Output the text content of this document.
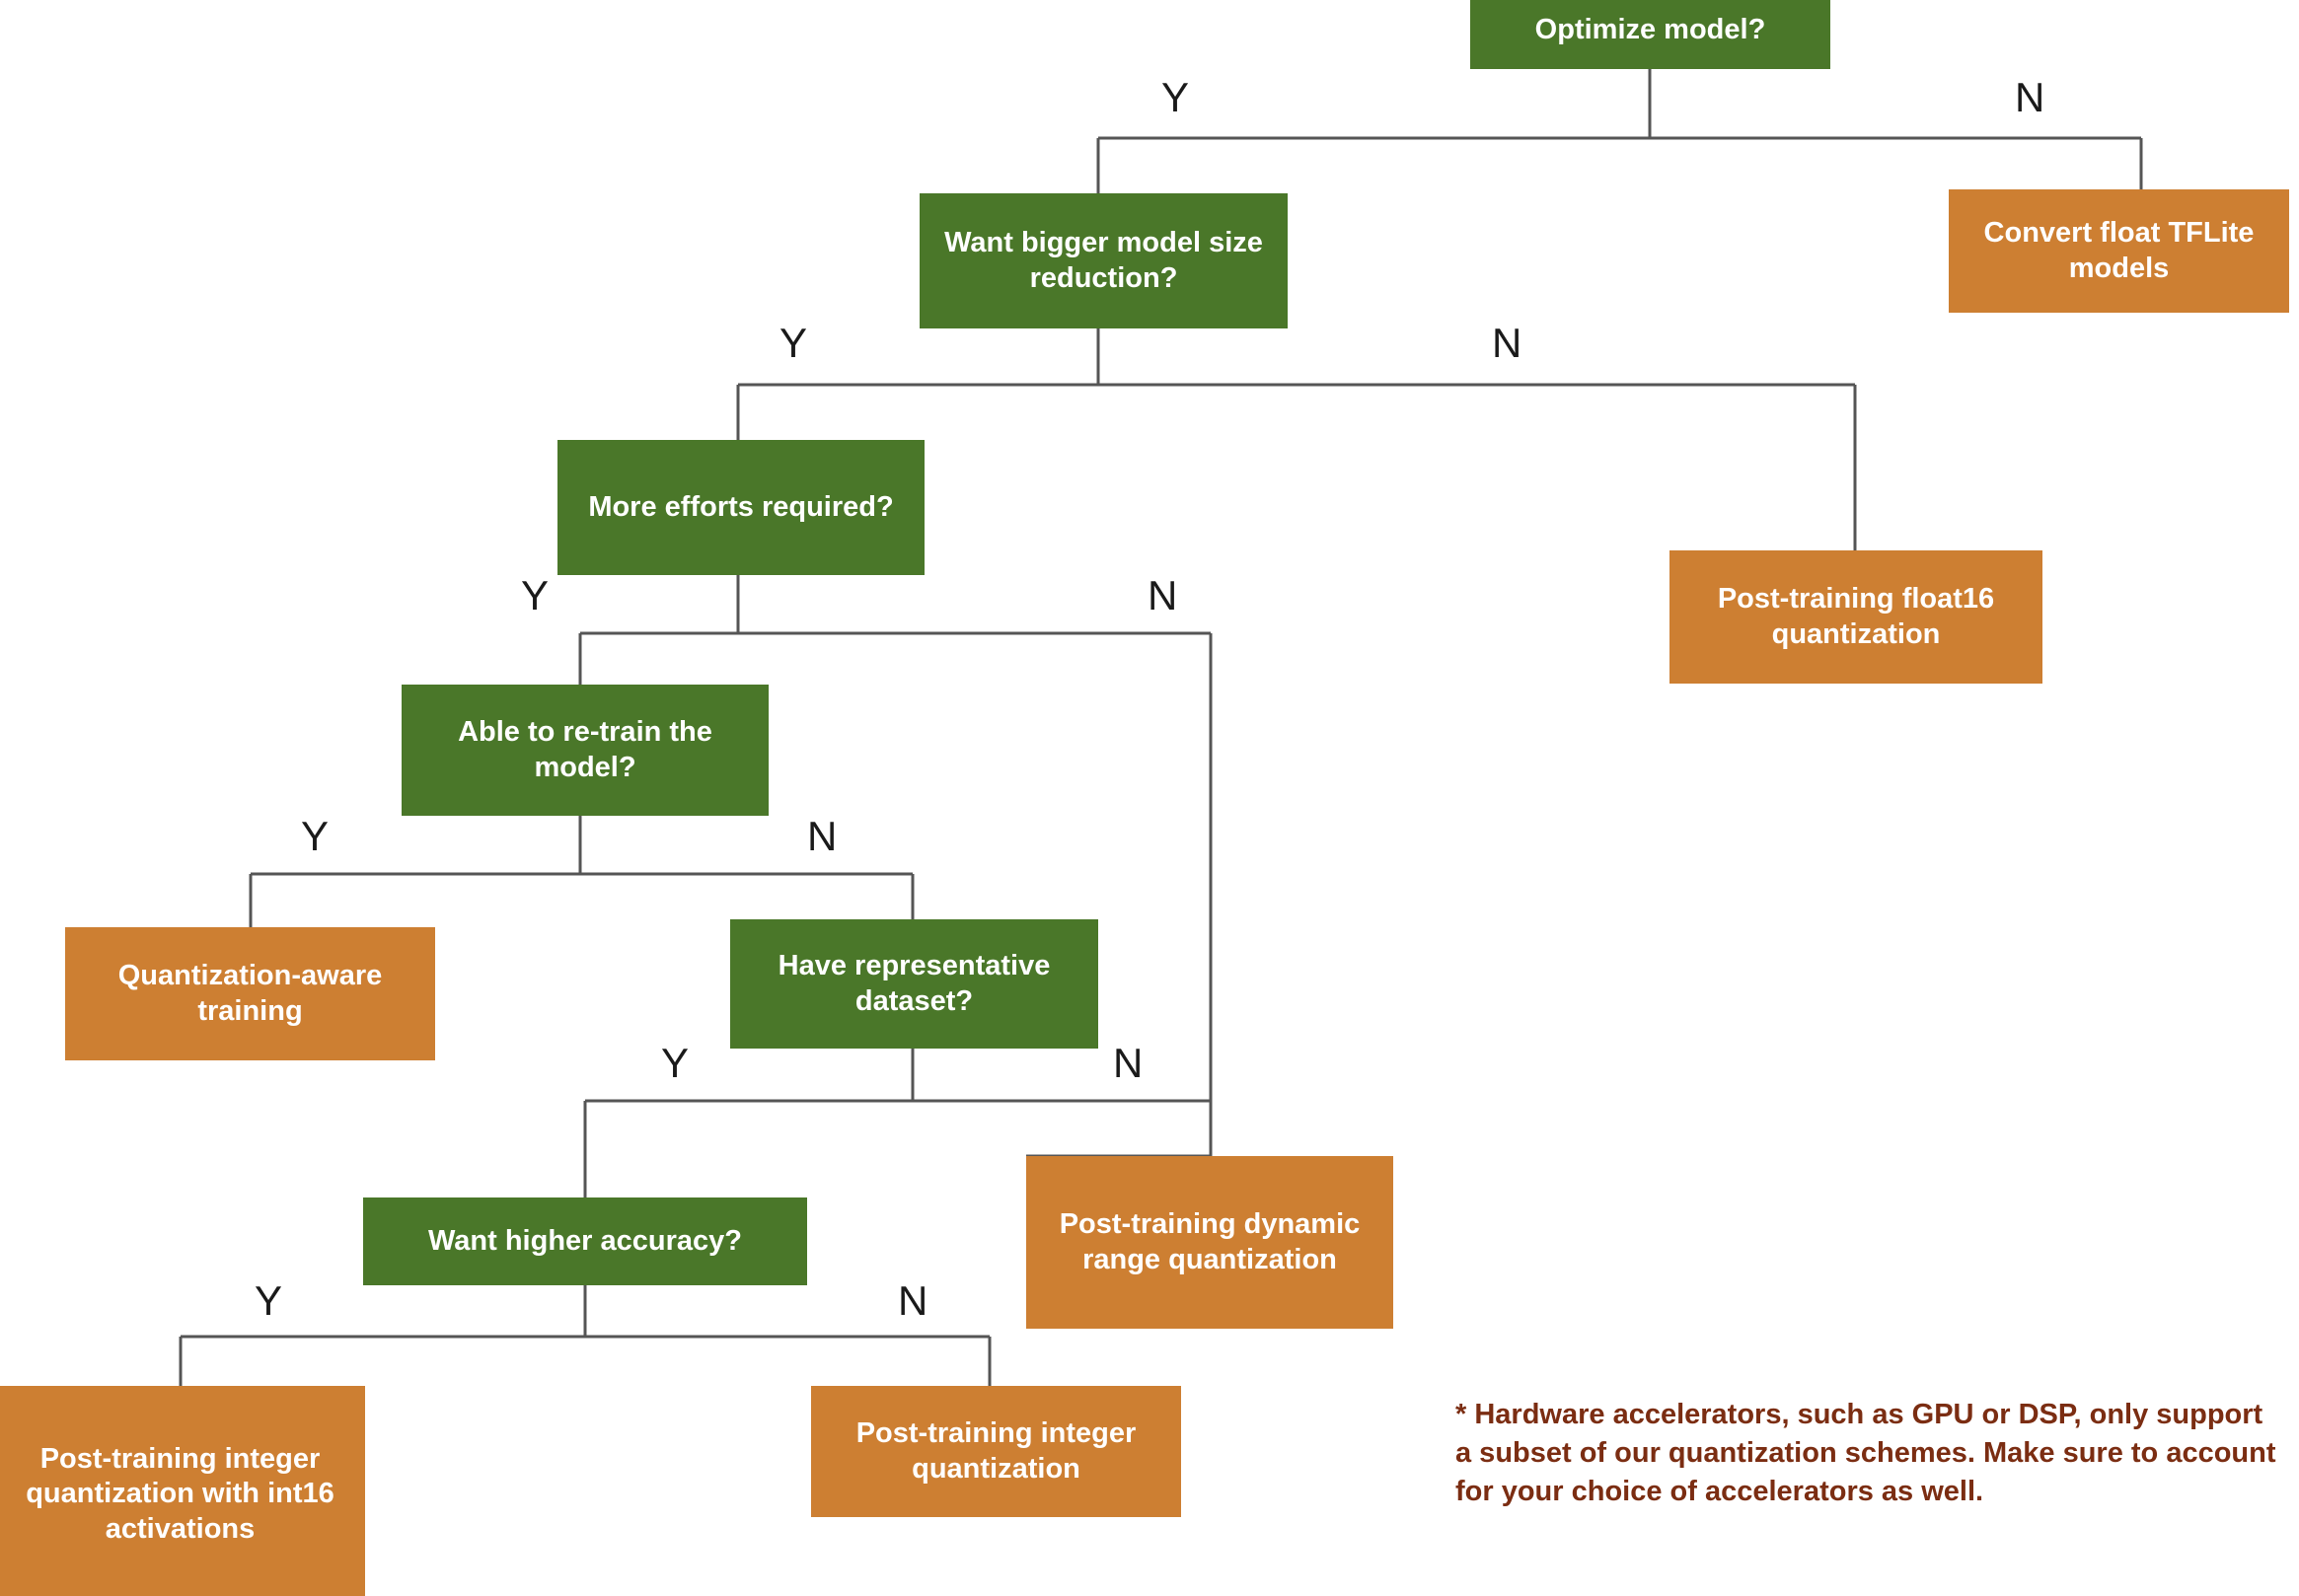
Optimize model?
Convert float TFLite models
Want bigger model size reduction?
Post-training float16 quantization
More efforts required?
Able to re-train the model?
Quantization-aware training
Have representative dataset?
Post-training dynamic range quantization
Want higher accuracy?
Post-training integer quantization with int16 activations
Post-training integer quantization
Y	N
Y	N
Y	N
Y	N
Y	N
Y	N
* Hardware accelerators, such as GPU or DSP, only support a subset of our quantization schemes. Make sure to account for your choice of accelerators as well.
